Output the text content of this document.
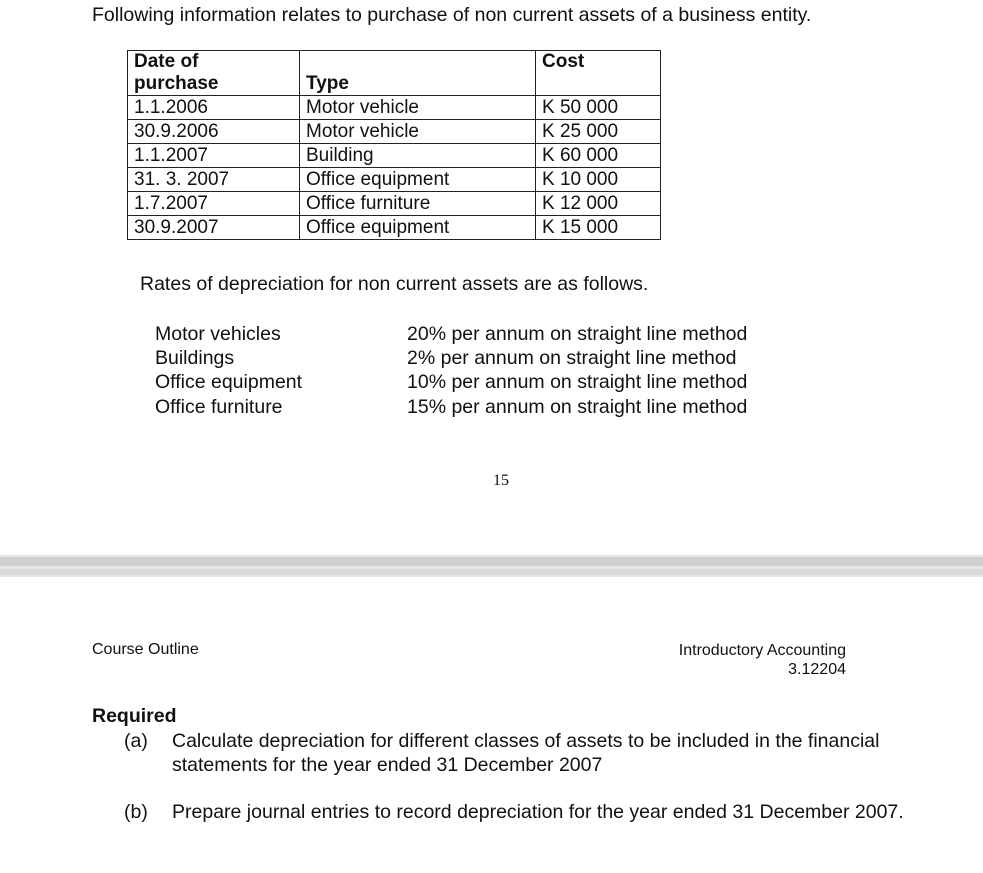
Following information relates to purchase of non current assets of a business entity.
Date of
purchase	Type	Cost
1.1.2006	Motor vehicle	K 50 000
30.9.2006	Motor vehicle	K 25 000
1.1.2007	Building	K 60 000
31. 3. 2007	Office equipment	K 10 000
1.7.2007	Office furniture	K 12 000
30.9.2007	Office equipment	K 15 000
Rates of depreciation for non current assets are as follows.
Motor vehicles	20% per annum on straight line method
Buildings	2% per annum on straight line method
Office equipment	10% per annum on straight line method
Office furniture	15% per annum on straight line method
15
Course Outline	Introductory Accounting
3.12204
Required
(a) Calculate depreciation for different classes of assets to be included in the financial statements for the year ended 31 December 2007
(b) Prepare journal entries to record depreciation for the year ended 31 December 2007.
